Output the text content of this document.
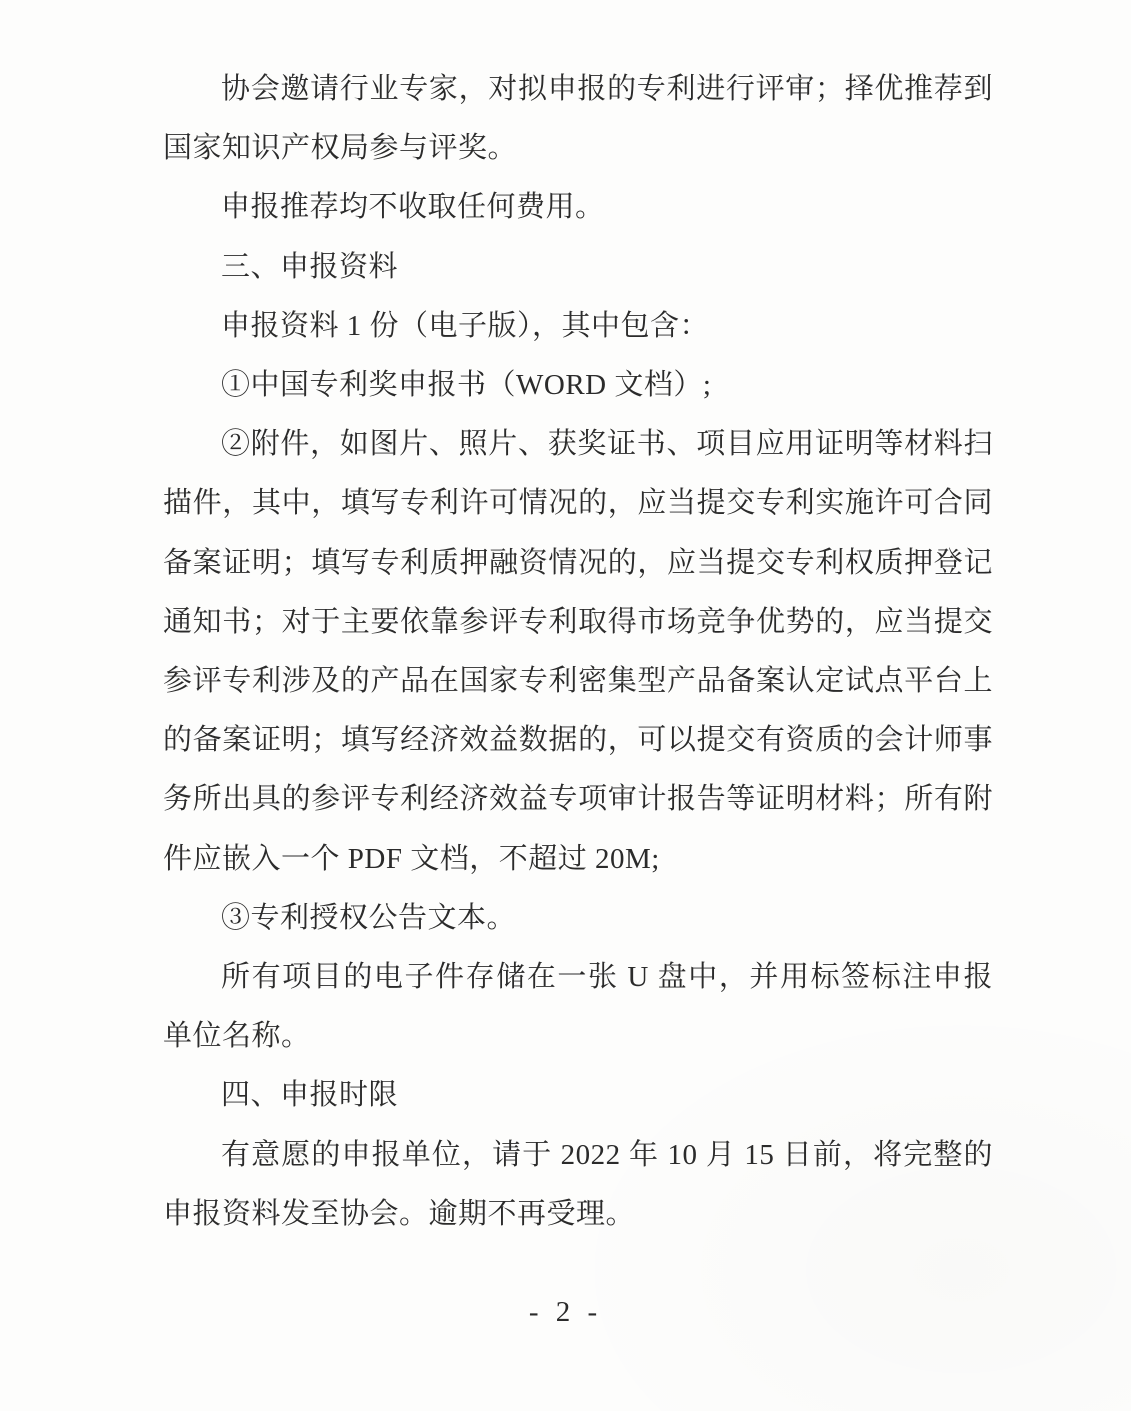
协会邀请行业专家，对拟申报的专利进行评审；择优推荐到国家知识产权局参与评奖。

申报推荐均不收取任何费用。

三、申报资料

申报资料 1 份（电子版），其中包含：

①中国专利奖申报书（WORD 文档）;

②附件，如图片、照片、获奖证书、项目应用证明等材料扫描件，其中，填写专利许可情况的，应当提交专利实施许可合同备案证明；填写专利质押融资情况的，应当提交专利权质押登记通知书；对于主要依靠参评专利取得市场竞争优势的，应当提交参评专利涉及的产品在国家专利密集型产品备案认定试点平台上的备案证明；填写经济效益数据的，可以提交有资质的会计师事务所出具的参评专利经济效益专项审计报告等证明材料；所有附件应嵌入一个 PDF 文档，不超过 20M;

③专利授权公告文本。

所有项目的电子件存储在一张 U 盘中，并用标签标注申报单位名称。

四、申报时限

有意愿的申报单位，请于 2022 年 10 月 15 日前，将完整的申报资料发至协会。逾期不再受理。

- 2 -
